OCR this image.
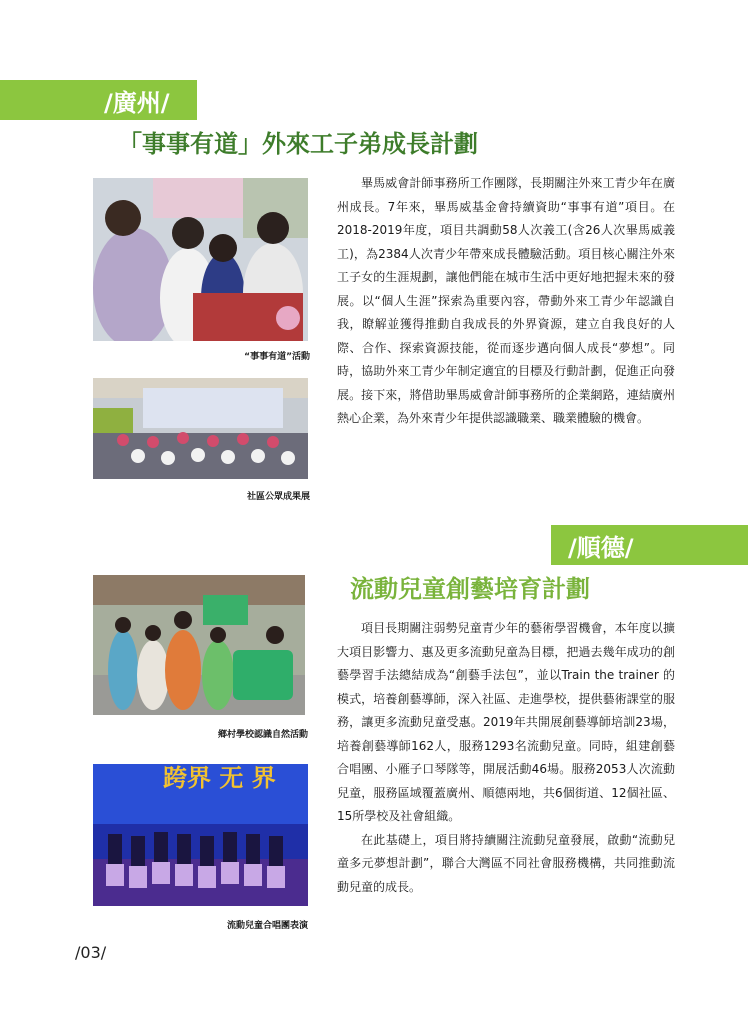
/廣州/
「事事有道」外來工子弟成長計劃
“事事有道”活動
社區公眾成果展

畢馬威會計師事務所工作團隊，長期關注外來工青少年在廣州成長。7年來，畢馬威基金會持續資助“事事有道”項目。在2018-2019年度，項目共調動58人次義工(含26人次畢馬威義工)，為2384人次青少年帶來成長體驗活動。項目核心關注外來工子女的生涯規劃，讓他們能在城市生活中更好地把握未來的發展。以“個人生涯”探索為重要內容，帶動外來工青少年認識自我，瞭解並獲得推動自我成長的外界資源，建立自我良好的人際、合作、探索資源技能，從而逐步邁向個人成長“夢想”。同時，協助外來工青少年制定適宜的目標及行動計劃，促進正向發展。接下來，將借助畢馬威會計師事務所的企業網路，連結廣州熱心企業，為外來青少年提供認識職業、職業體驗的機會。

/順德/
流動兒童創藝培育計劃
鄉村學校認識自然活動
跨界 无 界
流動兒童合唱團表演

項目長期關注弱勢兒童青少年的藝術學習機會，本年度以擴大項目影響力、惠及更多流動兒童為目標，把過去幾年成功的創藝學習手法總結成為“創藝手法包”，並以Train the trainer 的模式，培養創藝導師，深入社區、走進學校，提供藝術課堂的服務，讓更多流動兒童受惠。2019年共開展創藝導師培訓23場，培養創藝導師162人，服務1293名流動兒童。同時，組建創藝合唱團、小雁子口琴隊等，開展活動46場。服務2053人次流動兒童，服務區域覆蓋廣州、順德兩地，共6個街道、12個社區、15所學校及社會組織。

在此基礎上，項目將持續關注流動兒童發展，啟動“流動兒童多元夢想計劃”，聯合大灣區不同社會服務機構，共同推動流動兒童的成長。

/03/
